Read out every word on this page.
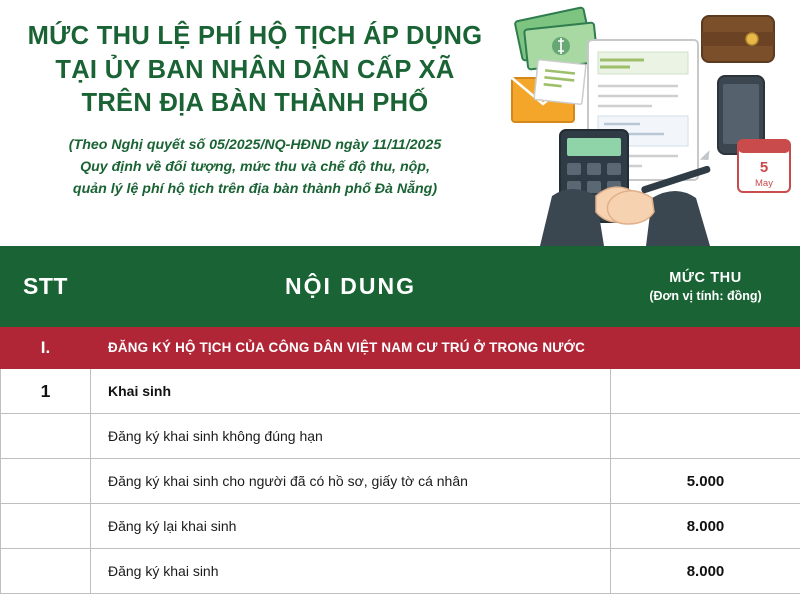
MỨC THU LỆ PHÍ HỘ TỊCH ÁP DỤNG
TẠI ỦY BAN NHÂN DÂN CẤP XÃ
TRÊN ĐỊA BÀN THÀNH PHỐ
(Theo Nghị quyết số 05/2025/NQ-HĐND ngày 11/11/2025
Quy định về đối tượng, mức thu và chế độ thu, nộp,
quản lý lệ phí hộ tịch trên địa bàn thành phố Đà Nẵng)
5
May
STT	NỘI DUNG	MỨC THU
(Đơn vị tính: đồng)

I.	ĐĂNG KÝ HỘ TỊCH CỦA CÔNG DÂN VIỆT NAM CƯ TRÚ Ở TRONG NƯỚC	
1	Khai sinh	
	Đăng ký khai sinh không đúng hạn	
	Đăng ký khai sinh cho người đã có hồ sơ, giấy tờ cá nhân	5.000
	Đăng ký lại khai sinh	8.000
	Đăng ký khai sinh	8.000
